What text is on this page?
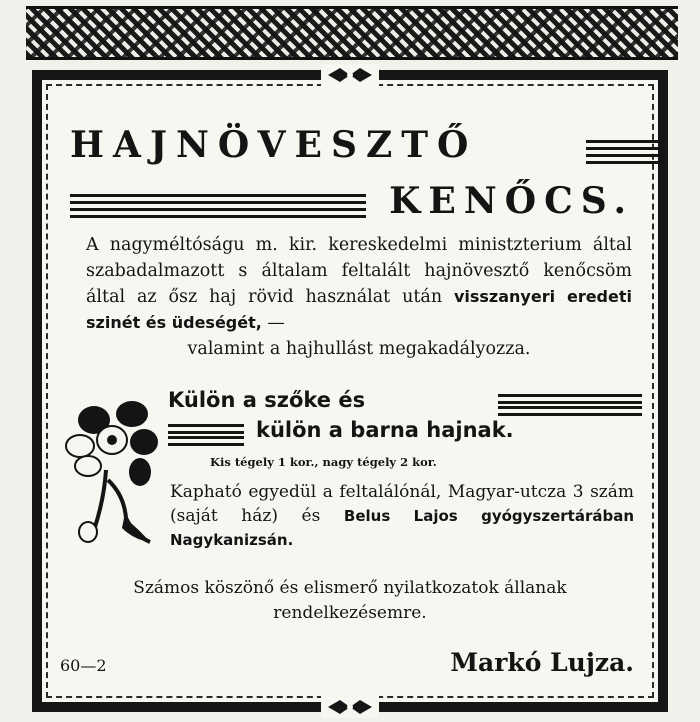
HAJNÖVESZTŐ
KENŐCS.
A nagyméltóságu m. kir. kereskedelmi ministzterium által szabadalmazott s általam feltalált hajnövesztő kenőcsöm által az ősz haj rövid használat után visszanyeri eredeti szinét és üdeségét, —
valamint a hajhullást megakadályozza.
Külön a szőke és
külön a barna hajnak.
Kis tégely 1 kor., nagy tégely 2 kor.
Kapható egyedül a feltalálónál, Magyar-utcza 3 szám (saját ház) és Belus Lajos gyógyszertárában Nagykanizsán.
Számos köszönő és elismerő nyilatkozatok állanak rendelkezésemre.
60—2	Markó Lujza.
